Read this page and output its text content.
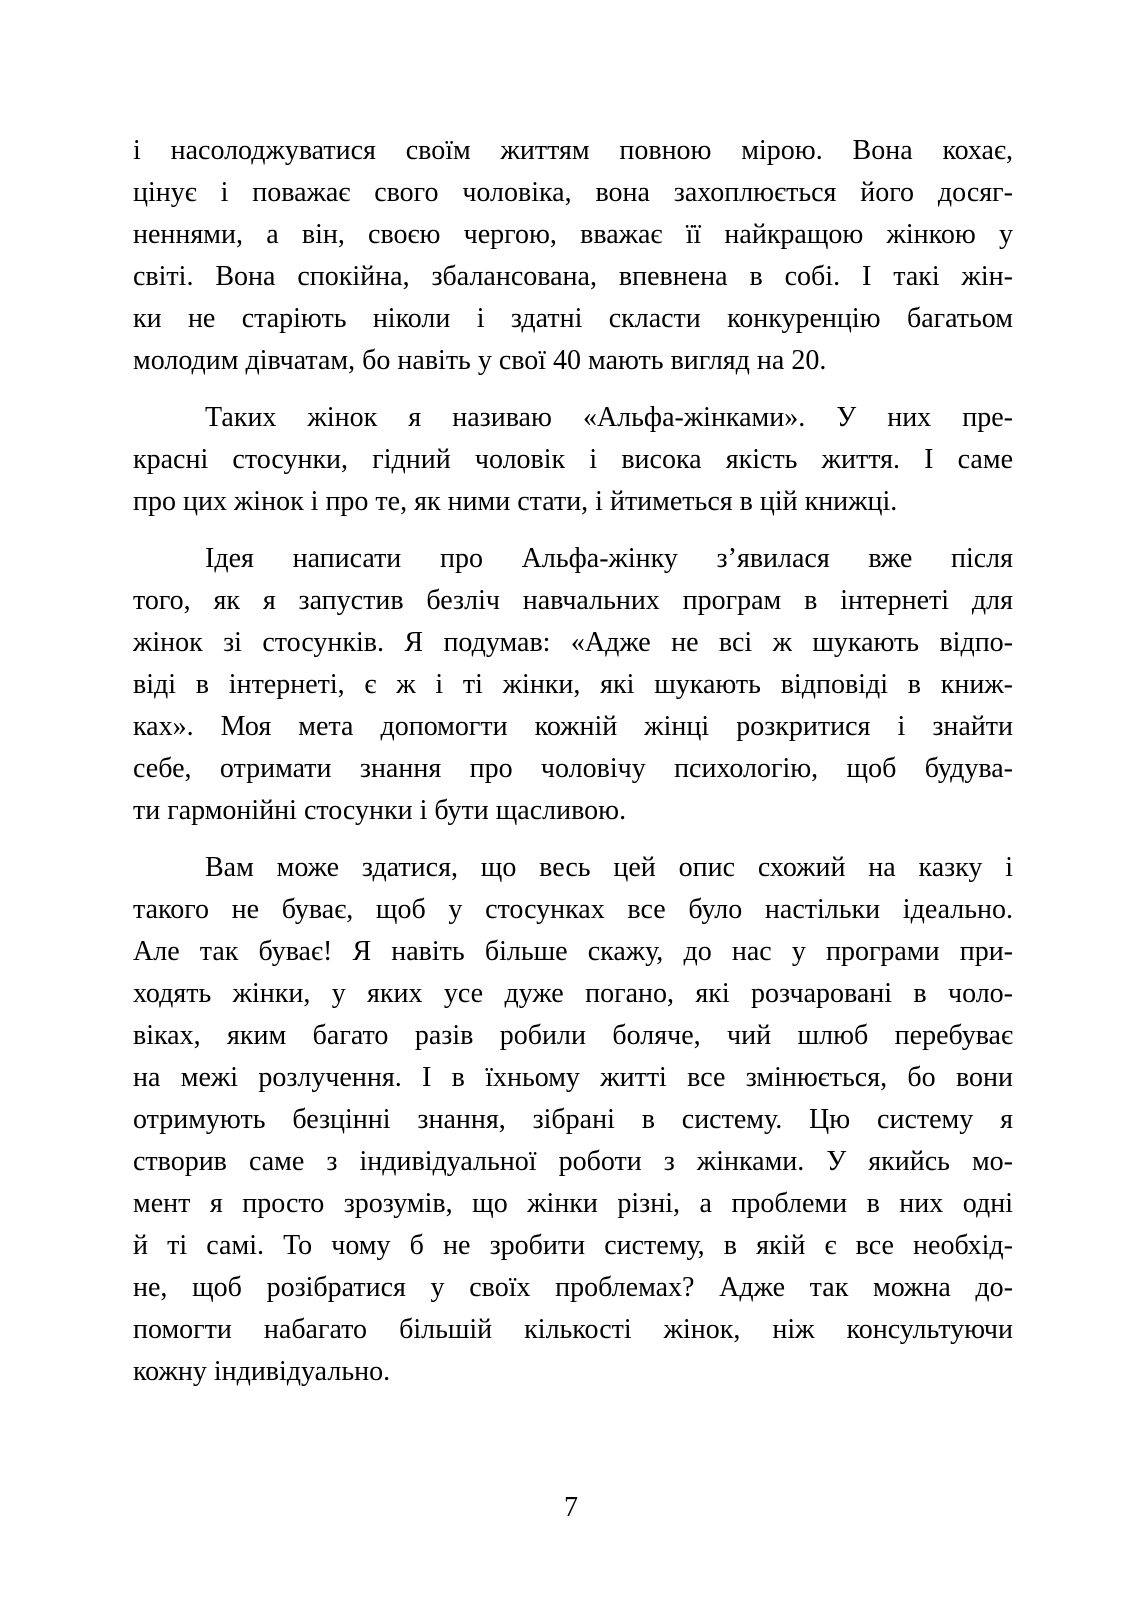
і насолоджуватися своїм життям повною мірою. Вона кохає,
цінує і поважає свого чоловіка, вона захоплюється його досяг-
неннями, а він, своєю чергою, вважає її найкращою жінкою у
світі. Вона спокійна, збалансована, впевнена в собі. І такі жін-
ки не старіють ніколи і здатні скласти конкуренцію багатьом
молодим дівчатам, бо навіть у свої 40 мають вигляд на 20.
Таких жінок я називаю «Альфа-жінками». У них пре-
красні стосунки, гідний чоловік і висока якість життя. І саме
про цих жінок і про те, як ними стати, і йтиметься в цій книжці.
Ідея написати про Альфа-жінку з’явилася вже після
того, як я запустив безліч навчальних програм в інтернеті для
жінок зі стосунків. Я подумав: «Адже не всі ж шукають відпо-
віді в інтернеті, є ж і ті жінки, які шукають відповіді в книж-
ках». Моя мета допомогти кожній жінці розкритися і знайти
себе, отримати знання про чоловічу психологію, щоб будува-
ти гармонійні стосунки і бути щасливою.
Вам може здатися, що весь цей опис схожий на казку і
такого не буває, щоб у стосунках все було настільки ідеально.
Але так буває! Я навіть більше скажу, до нас у програми при-
ходять жінки, у яких усе дуже погано, які розчаровані в чоло-
віках, яким багато разів робили боляче, чий шлюб перебуває
на межі розлучення. І в їхньому житті все змінюється, бо вони
отримують безцінні знання, зібрані в систему. Цю систему я
створив саме з індивідуальної роботи з жінками. У якийсь мо-
мент я просто зрозумів, що жінки різні, а проблеми в них одні
й ті самі. То чому б не зробити систему, в якій є все необхід-
не, щоб розібратися у своїх проблемах? Адже так можна до-
помогти набагато більшій кількості жінок, ніж консультуючи
кожну індивідуально.
7
